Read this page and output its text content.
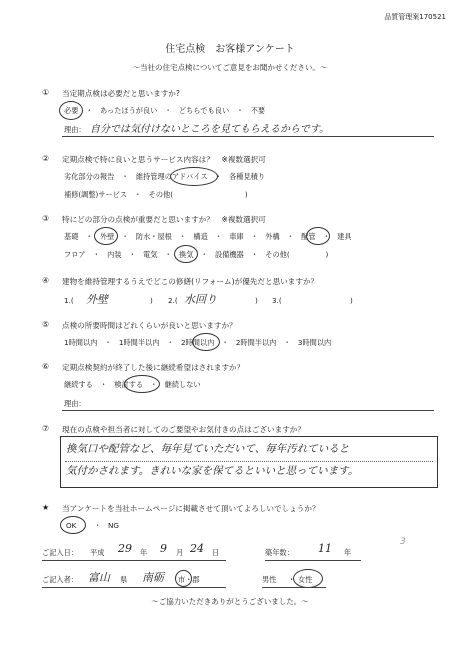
品質管理案170521
住宅点検　お客様アンケート
～当社の住宅点検についてご意見をお聞かせください。～
① 当定期点検は必要だと思いますか?
必要　・　あったほうが良い　・　どちらでも良い　・　不要
理由： 自分では気付けないところを見てもらえるからです。
② 定期点検で特に良いと思うサービス内容は？　※複数選択可
劣化部分の報告　・　維持管理のアドバイス　・　各種見積り
補修(調整)サービス　・　その他(　　　　　　　　　　)
③ 特にどの部分の点検が重要だと思いますか？　※複数選択可
基礎　・　外壁　・　防水・屋根　・　構造　・　車庫　・　外構　・　配管　・　建具
フロア　・　内装　・　電気　・　換気　・　設備機器　・　その他(　　　　　)
④ 建物を維持管理するうえでどこの修繕(リフォーム)が優先だと思いますか？
1.( 外壁	) 2.( 水回り	) 3.(	)
⑤ 点検の所要時間はどれくらいが良いと思いますか？
1時間以内　・　1時間半以内　・　2時間以内　・　2時間半以内　・　3時間以内
⑥ 定期点検契約が終了した後に継続希望はされますか？
継続する　・　検討する　・　継続しない
理由：
⑦ 現在の点検や担当者に対してのご要望やお気付きの点はございますか？
換気口や配管など、毎年見ていただいて、毎年汚れていると
気付かされます。きれいな家を保てるといいと思っています。
★ 当アンケートを当社ホームページに掲載させて頂いてよろしいでしょうか？
OK ・ NG
ご記入日： 平成 29 年 9 月 24 日	築年数： 11 年
ご記入者： 富山 県 南砺 市・郡	男性 ・ 女性
～ご協力いただきありがとうございました。～
3
